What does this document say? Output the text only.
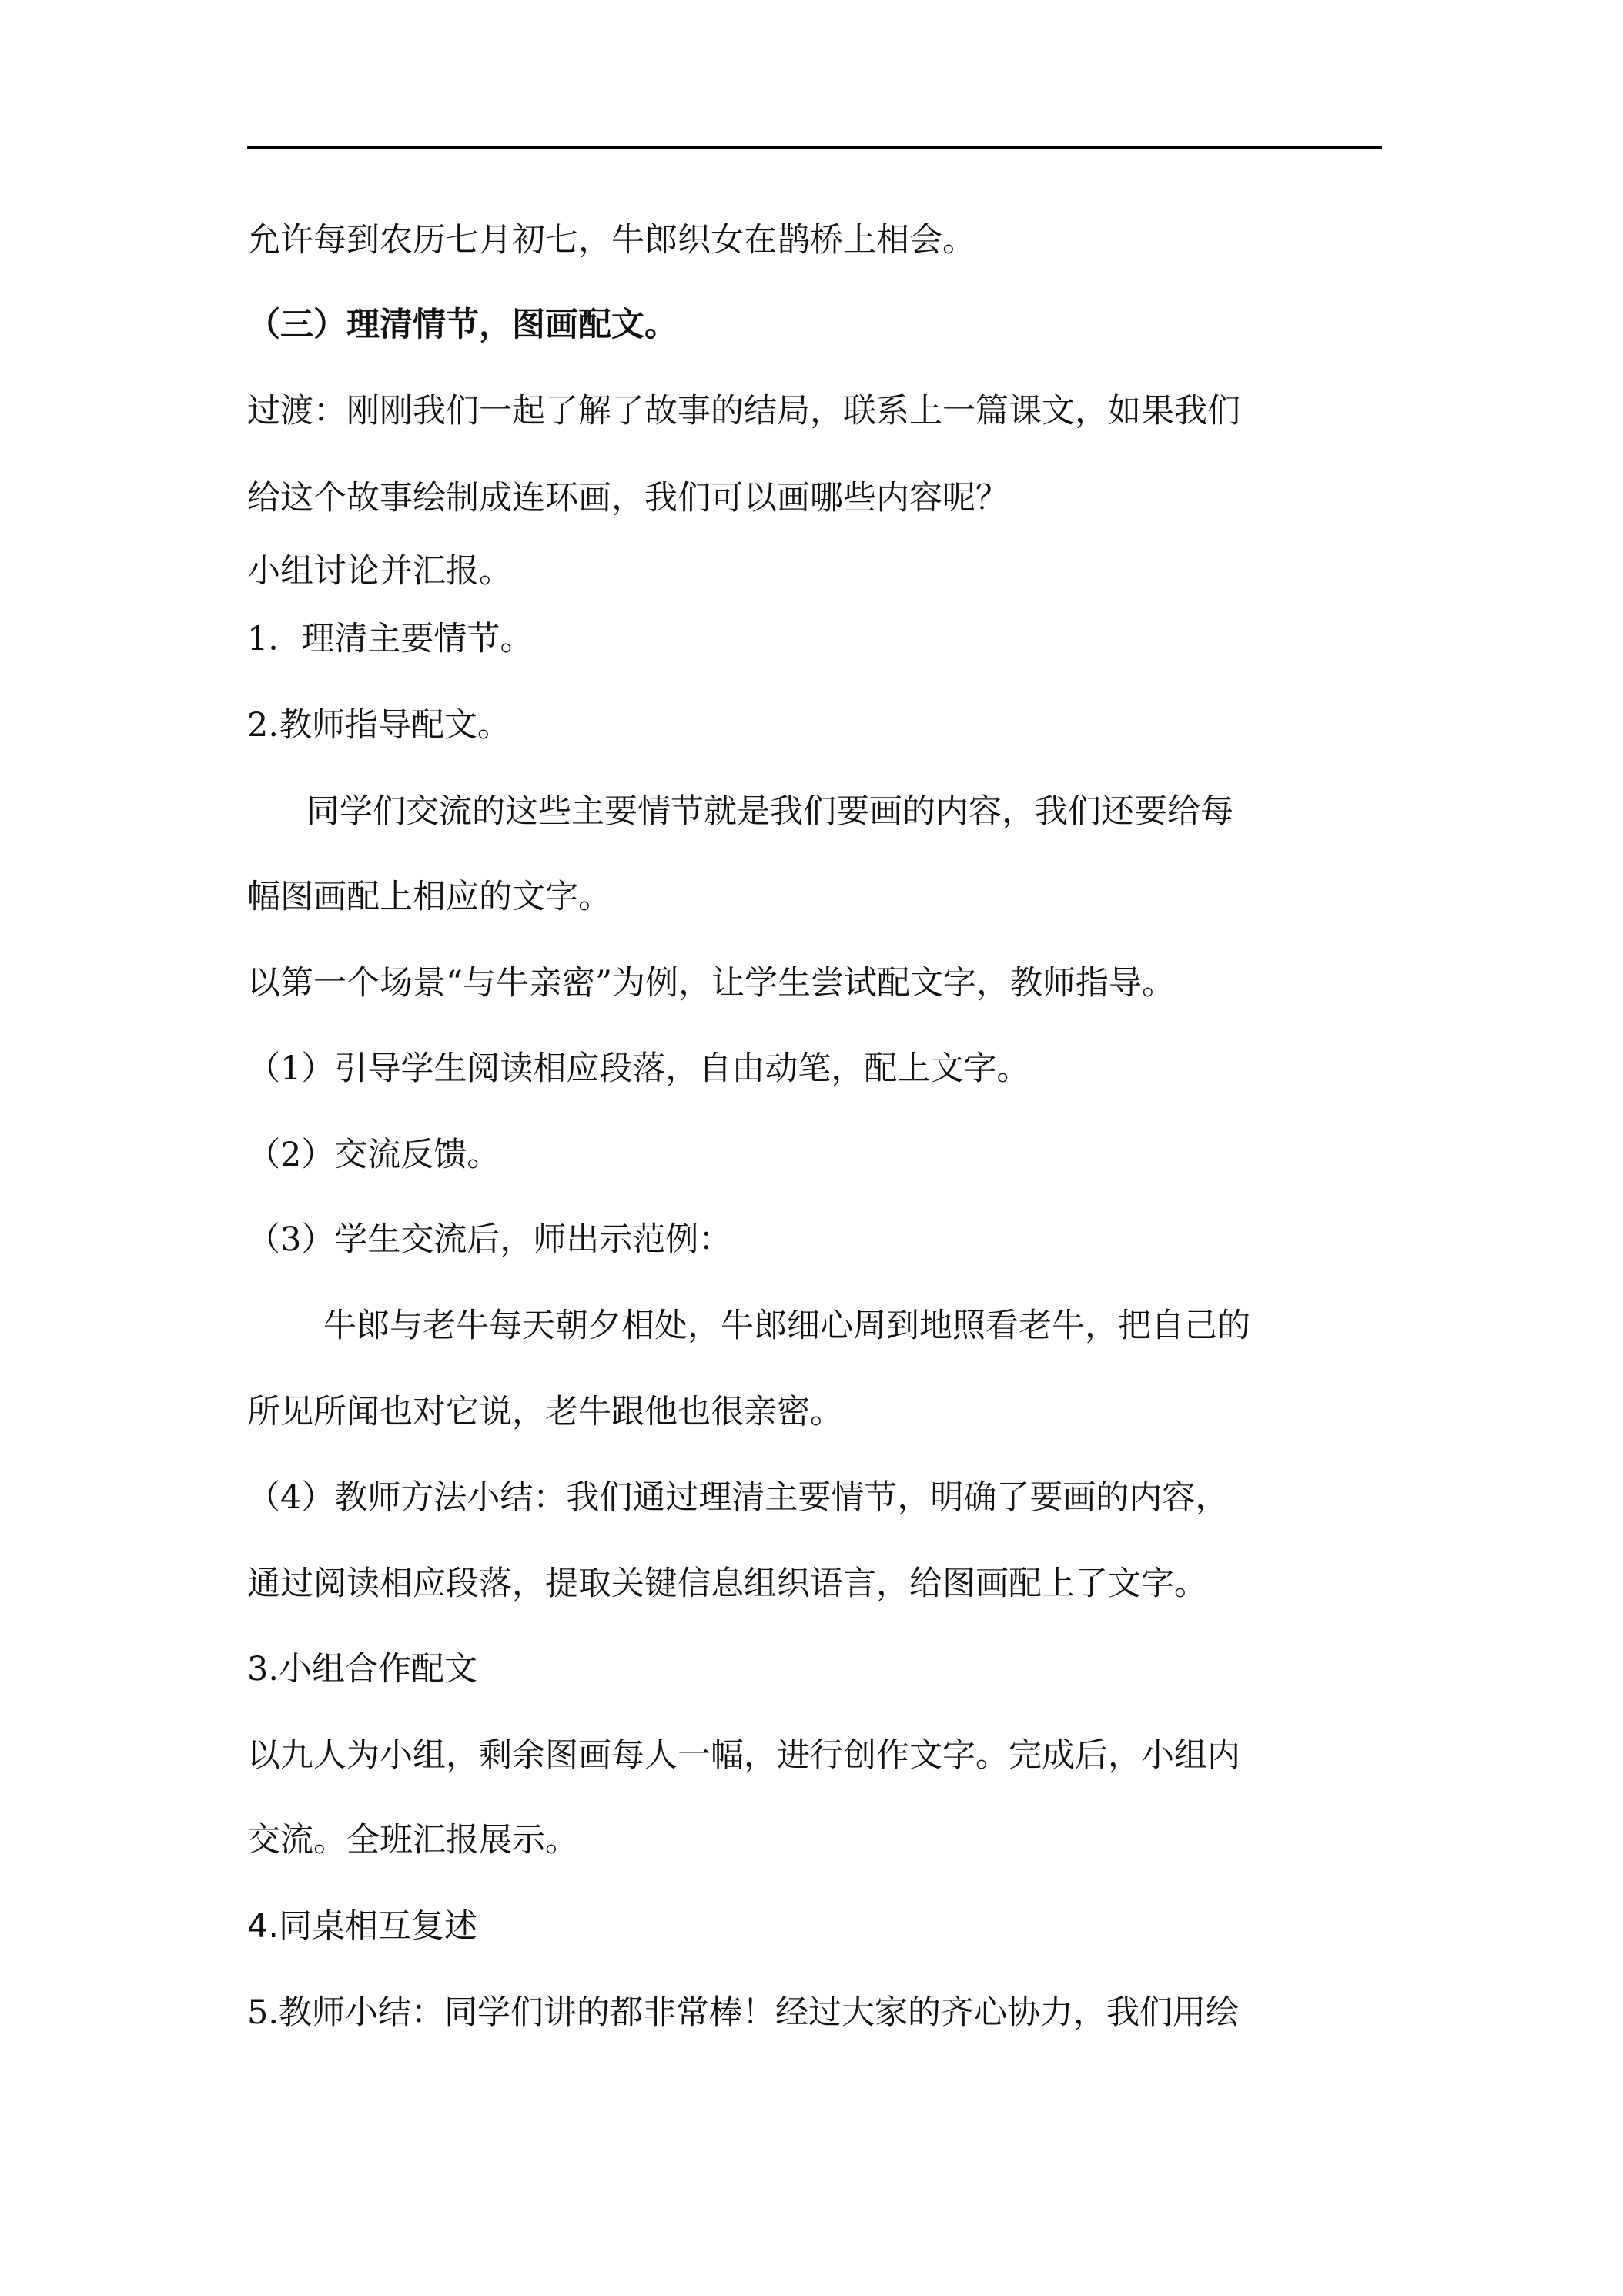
允许每到农历七月初七，牛郎织女在鹊桥上相会。

（三）理清情节，图画配文。

过渡：刚刚我们一起了解了故事的结局，联系上一篇课文，如果我们

给这个故事绘制成连环画，我们可以画哪些内容呢？

小组讨论并汇报。

1．理清主要情节。

2.教师指导配文。

同学们交流的这些主要情节就是我们要画的内容，我们还要给每

幅图画配上相应的文字。

以第一个场景“与牛亲密”为例，让学生尝试配文字，教师指导。

（1）引导学生阅读相应段落，自由动笔，配上文字。

（2）交流反馈。

（3）学生交流后，师出示范例：

牛郎与老牛每天朝夕相处，牛郎细心周到地照看老牛，把自己的

所见所闻也对它说，老牛跟他也很亲密。

（4）教师方法小结：我们通过理清主要情节，明确了要画的内容，

通过阅读相应段落，提取关键信息组织语言，给图画配上了文字。

3.小组合作配文

以九人为小组，剩余图画每人一幅，进行创作文字。完成后，小组内

交流。全班汇报展示。

4.同桌相互复述

5.教师小结：同学们讲的都非常棒！经过大家的齐心协力，我们用绘
